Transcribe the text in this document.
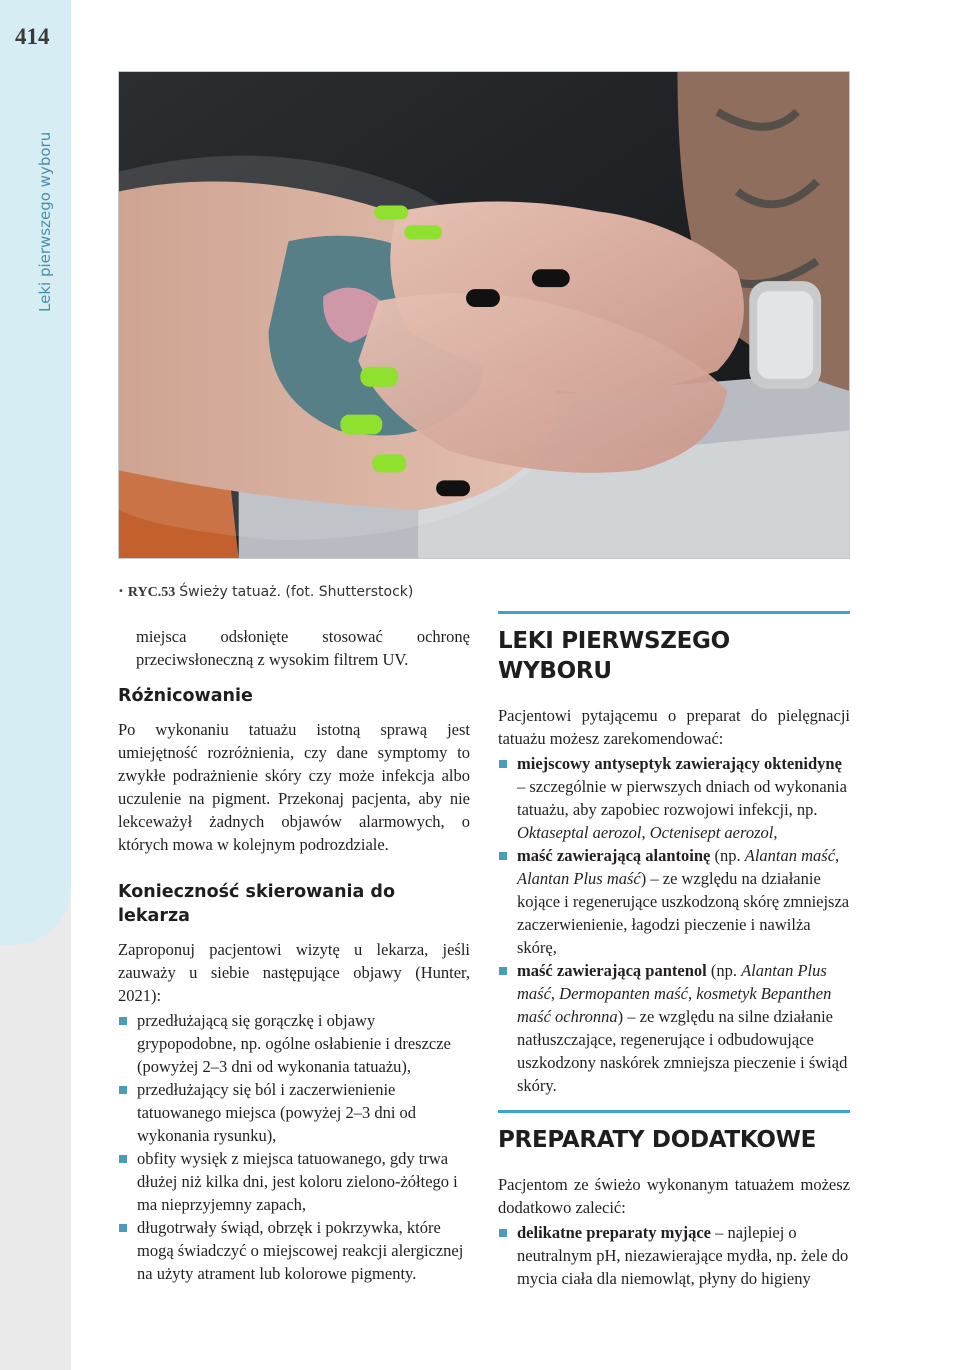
414
Leki pierwszego wyboru
• RYC.53 Świeży tatuaż. (fot. Shutterstock)

miejsca odsłonięte stosować ochronę przeciwsłoneczną z wysokim filtrem UV.

Różnicowanie

Po wykonaniu tatuażu istotną sprawą jest umiejętność rozróżnienia, czy dane symptomy to zwykłe podrażnienie skóry czy może infekcja albo uczulenie na pigment. Przekonaj pacjenta, aby nie lekceważył żadnych objawów alarmowych, o których mowa w kolejnym podrozdziale.

Konieczność skierowania do lekarza

Zaproponuj pacjentowi wizytę u lekarza, jeśli zauważy u siebie następujące objawy (Hunter, 2021):

przedłużającą się gorączkę i objawy grypopodobne, np. ogólne osłabienie i dreszcze (powyżej 2–3 dni od wykonania tatuażu),
przedłużający się ból i zaczerwienienie tatuowanego miejsca (powyżej 2–3 dni od wykonania rysunku),
obfity wysięk z miejsca tatuowanego, gdy trwa dłużej niż kilka dni, jest koloru zielono-żółtego i ma nieprzyjemny zapach,
długotrwały świąd, obrzęk i pokrzywka, które mogą świadczyć o miejscowej reakcji alergicznej na użyty atrament lub kolorowe pigmenty.
LEKI PIERWSZEGO WYBORU

Pacjentowi pytającemu o preparat do pielęgnacji tatuażu możesz zarekomendować:

miejscowy antyseptyk zawierający oktenidynę – szczególnie w pierwszych dniach od wykonania tatuażu, aby zapobiec rozwojowi infekcji, np. Oktaseptal aerozol, Octenisept aerozol,
maść zawierającą alantoinę (np. Alantan maść, Alantan Plus maść) – ze względu na działanie kojące i regenerujące uszkodzoną skórę zmniejsza zaczerwienienie, łagodzi pieczenie i nawilża skórę,
maść zawierającą pantenol (np. Alantan Plus maść, Dermopanten maść, kosmetyk Bepanthen maść ochronna) – ze względu na silne działanie natłuszczające, regenerujące i odbudowujące uszkodzony naskórek zmniejsza pieczenie i świąd skóry.
PREPARATY DODATKOWE

Pacjentom ze świeżo wykonanym tatuażem możesz dodatkowo zalecić:

delikatne preparaty myjące – najlepiej o neutralnym pH, niezawierające mydła, np. żele do mycia ciała dla niemowląt, płyny do higieny
